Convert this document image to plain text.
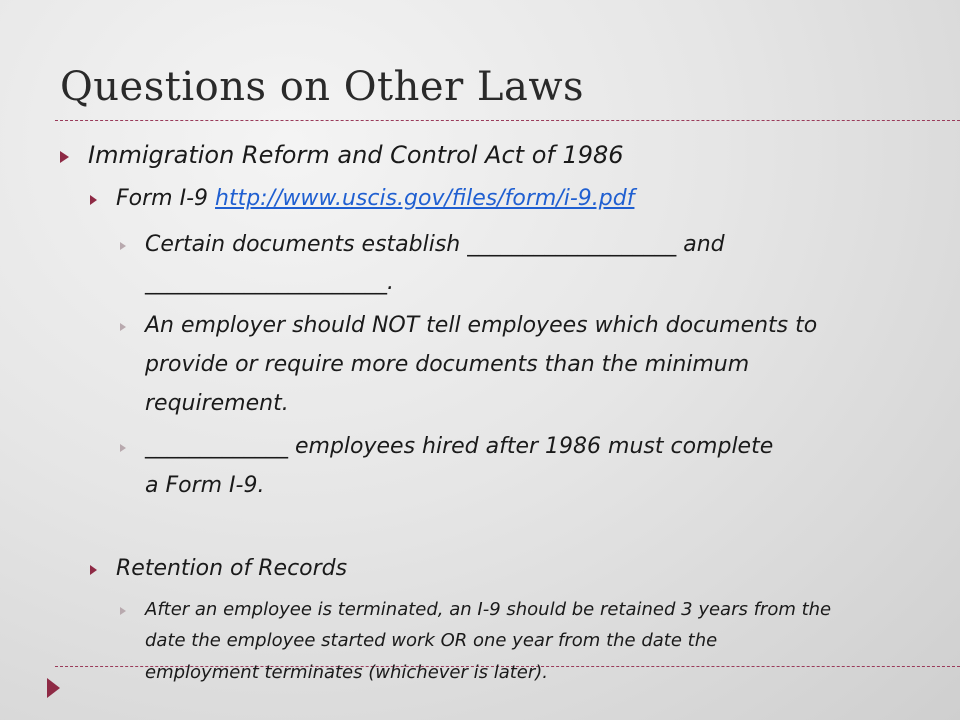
Questions on Other Laws
Immigration Reform and Control Act of 1986
Form I-9 http://www.uscis.gov/files/form/i-9.pdf
Certain documents establish ___________________ and
______________________.
An employer should NOT tell employees which documents to
provide or require more documents than the minimum
requirement.
_____________ employees hired after 1986 must complete
a Form I-9.
Retention of Records
After an employee is terminated, an I-9 should be retained 3 years from the
date the employee started work OR one year from the date the
employment terminates (whichever is later).
